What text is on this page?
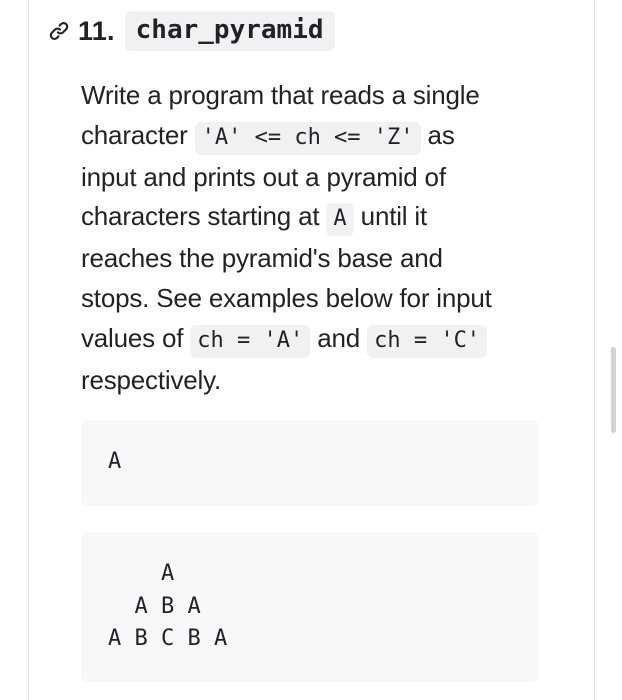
11. char_pyramid
Write a program that reads a single
character 'A' <= ch <= 'Z' as
input and prints out a pyramid of
characters starting at A until it
reaches the pyramid's base and
stops. See examples below for input
values of ch = 'A' and ch = 'C'
respectively.
A
A
A B A
A B C B A
